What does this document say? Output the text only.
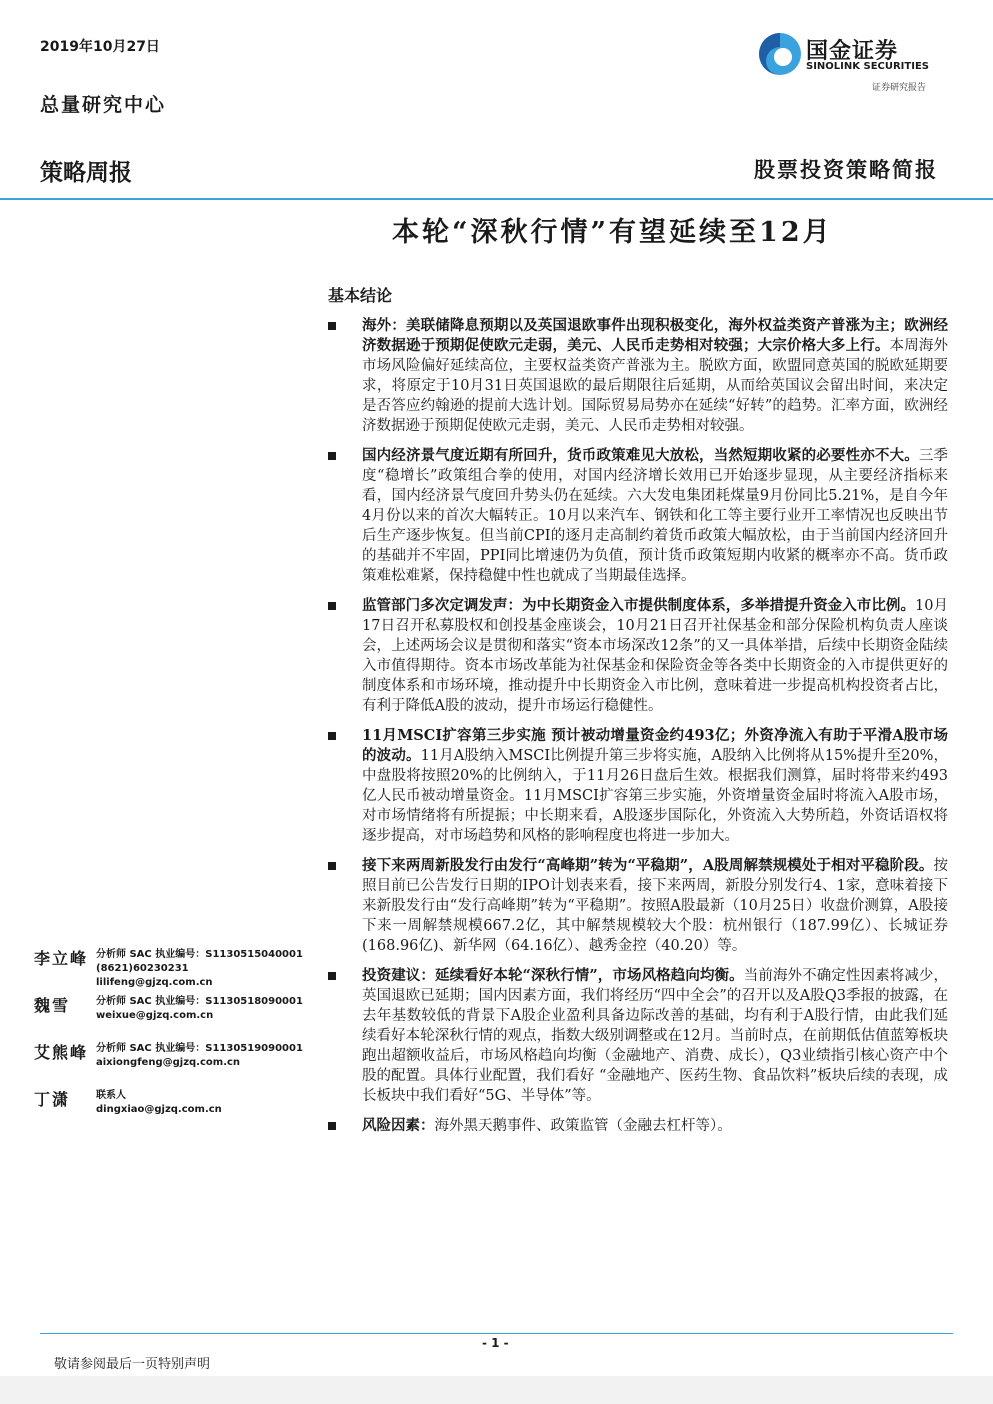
2019年10月27日
总量研究中心
国金证券
SINOLINK SECURITIES
证券研究报告
策略周报	股票投资策略简报
本轮“深秋行情”有望延续至12月
基本结论
海外：美联储降息预期以及英国退欧事件出现积极变化，海外权益类资产普涨为主；欧洲经济数据逊于预期促使欧元走弱，美元、人民币走势相对较强；大宗价格大多上行。本周海外市场风险偏好延续高位，主要权益类资产普涨为主。脱欧方面，欧盟同意英国的脱欧延期要求，将原定于10月31日英国退欧的最后期限往后延期，从而给英国议会留出时间，来决定是否答应约翰逊的提前大选计划。国际贸易局势亦在延续“好转”的趋势。汇率方面，欧洲经济数据逊于预期促使欧元走弱，美元、人民币走势相对较强。
国内经济景气度近期有所回升，货币政策难见大放松，当然短期收紧的必要性亦不大。三季度“稳增长”政策组合拳的使用，对国内经济增长效用已开始逐步显现，从主要经济指标来看，国内经济景气度回升势头仍在延续。六大发电集团耗煤量9月份同比5.21%，是自今年4月份以来的首次大幅转正。10月以来汽车、钢铁和化工等主要行业开工率情况也反映出节后生产逐步恢复。但当前CPI的逐月走高制约着货币政策大幅放松，由于当前国内经济回升的基础并不牢固，PPI同比增速仍为负值，预计货币政策短期内收紧的概率亦不高。货币政策难松难紧，保持稳健中性也就成了当期最佳选择。
监管部门多次定调发声：为中长期资金入市提供制度体系，多举措提升资金入市比例。10月17日召开私募股权和创投基金座谈会，10月21日召开社保基金和部分保险机构负责人座谈会，上述两场会议是贯彻和落实“资本市场深改12条”的又一具体举措，后续中长期资金陆续入市值得期待。资本市场改革能为社保基金和保险资金等各类中长期资金的入市提供更好的制度体系和市场环境，推动提升中长期资金入市比例，意味着进一步提高机构投资者占比，有利于降低A股的波动，提升市场运行稳健性。
11月MSCI扩容第三步实施 预计被动增量资金约493亿；外资净流入有助于平滑A股市场的波动。11月A股纳入MSCI比例提升第三步将实施，A股纳入比例将从15%提升至20%，中盘股将按照20%的比例纳入，于11月26日盘后生效。根据我们测算，届时将带来约493亿人民币被动增量资金。11月MSCI扩容第三步实施，外资增量资金届时将流入A股市场，对市场情绪将有所提振；中长期来看，A股逐步国际化，外资流入大势所趋，外资话语权将逐步提高，对市场趋势和风格的影响程度也将进一步加大。
接下来两周新股发行由发行“高峰期”转为“平稳期”，A股周解禁规模处于相对平稳阶段。按照目前已公告发行日期的IPO计划表来看，接下来两周，新股分别发行4、1家，意味着接下来新股发行由“发行高峰期”转为“平稳期”。按照A股最新（10月25日）收盘价测算，A股接下来一周解禁规模667.2亿，其中解禁规模较大个股：杭州银行（187.99亿）、长城证券(168.96亿)、新华网（64.16亿）、越秀金控（40.20）等。
投资建议：延续看好本轮“深秋行情”，市场风格趋向均衡。当前海外不确定性因素将减少，英国退欧已延期；国内因素方面，我们将经历“四中全会”的召开以及A股Q3季报的披露，在去年基数较低的背景下A股企业盈利具备边际改善的基础，均有利于A股行情，由此我们延续看好本轮深秋行情的观点，指数大级别调整或在12月。当前时点，在前期低估值蓝筹板块跑出超额收益后，市场风格趋向均衡（金融地产、消费、成长），Q3业绩指引核心资产中个股的配置。具体行业配置，我们看好 “金融地产、医药生物、食品饮料”板块后续的表现，成长板块中我们看好“5G、半导体”等。
风险因素：海外黑天鹅事件、政策监管（金融去杠杆等）。
李立峰 分析师 SAC 执业编号：S1130515040001
(8621)60230231
lilifeng@gjzq.com.cn
魏雪	分析师 SAC 执业编号：S1130518090001
weixue@gjzq.com.cn
艾熊峰 分析师 SAC 执业编号：S1130519090001
aixiongfeng@gjzq.com.cn
丁潇	联系人
dingxiao@gjzq.com.cn
- 1 -
敬请参阅最后一页特别声明
